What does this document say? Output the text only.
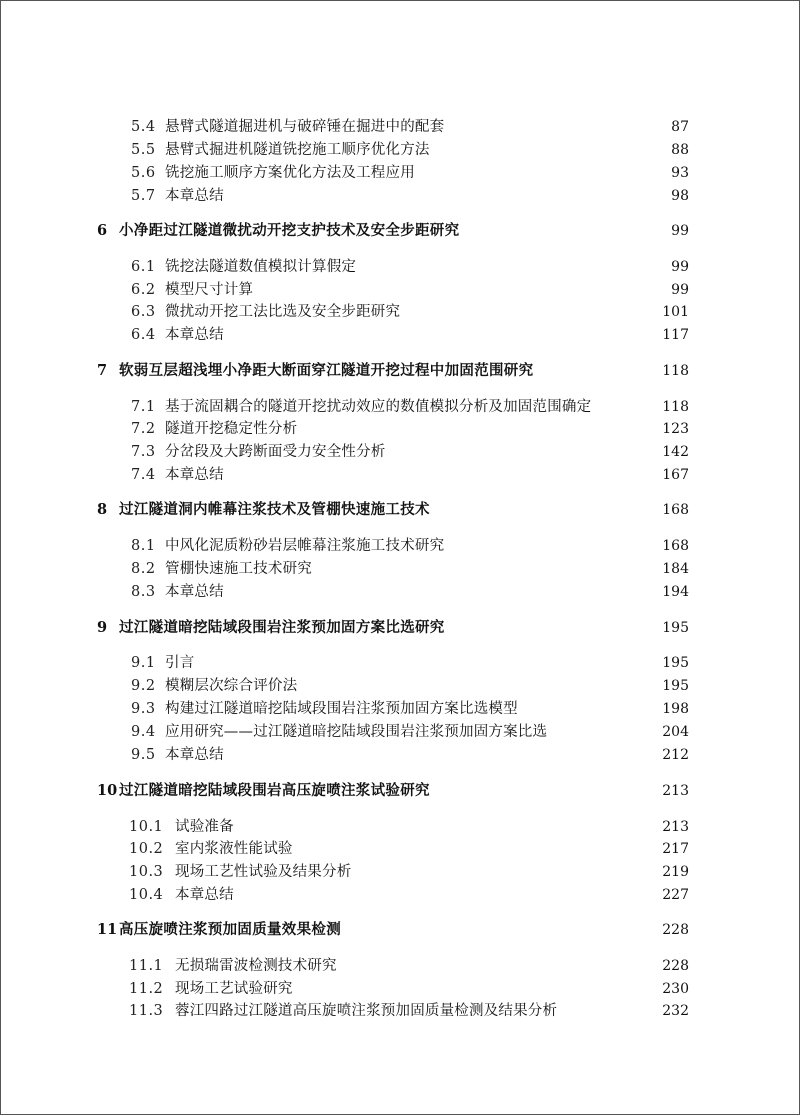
5.4 悬臂式隧道掘进机与破碎锤在掘进中的配套	87
5.5 悬臂式掘进机隧道铣挖施工顺序优化方法	88
5.6 铣挖施工顺序方案优化方法及工程应用	93
5.7 本章总结	98
6 小净距过江隧道微扰动开挖支护技术及安全步距研究	99
6.1 铣挖法隧道数值模拟计算假定	99
6.2 模型尺寸计算	99
6.3 微扰动开挖工法比选及安全步距研究	101
6.4 本章总结	117
7 软弱互层超浅埋小净距大断面穿江隧道开挖过程中加固范围研究	118
7.1 基于流固耦合的隧道开挖扰动效应的数值模拟分析及加固范围确定	118
7.2 隧道开挖稳定性分析	123
7.3 分岔段及大跨断面受力安全性分析	142
7.4 本章总结	167
8 过江隧道洞内帷幕注浆技术及管棚快速施工技术	168
8.1 中风化泥质粉砂岩层帷幕注浆施工技术研究	168
8.2 管棚快速施工技术研究	184
8.3 本章总结	194
9 过江隧道暗挖陆域段围岩注浆预加固方案比选研究	195
9.1 引言	195
9.2 模糊层次综合评价法	195
9.3 构建过江隧道暗挖陆域段围岩注浆预加固方案比选模型	198
9.4 应用研究——过江隧道暗挖陆域段围岩注浆预加固方案比选	204
9.5 本章总结	212
10 过江隧道暗挖陆域段围岩高压旋喷注浆试验研究	213
10.1 试验准备	213
10.2 室内浆液性能试验	217
10.3 现场工艺性试验及结果分析	219
10.4 本章总结	227
11 高压旋喷注浆预加固质量效果检测	228
11.1 无损瑞雷波检测技术研究	228
11.2 现场工艺试验研究	230
11.3 蓉江四路过江隧道高压旋喷注浆预加固质量检测及结果分析	232
